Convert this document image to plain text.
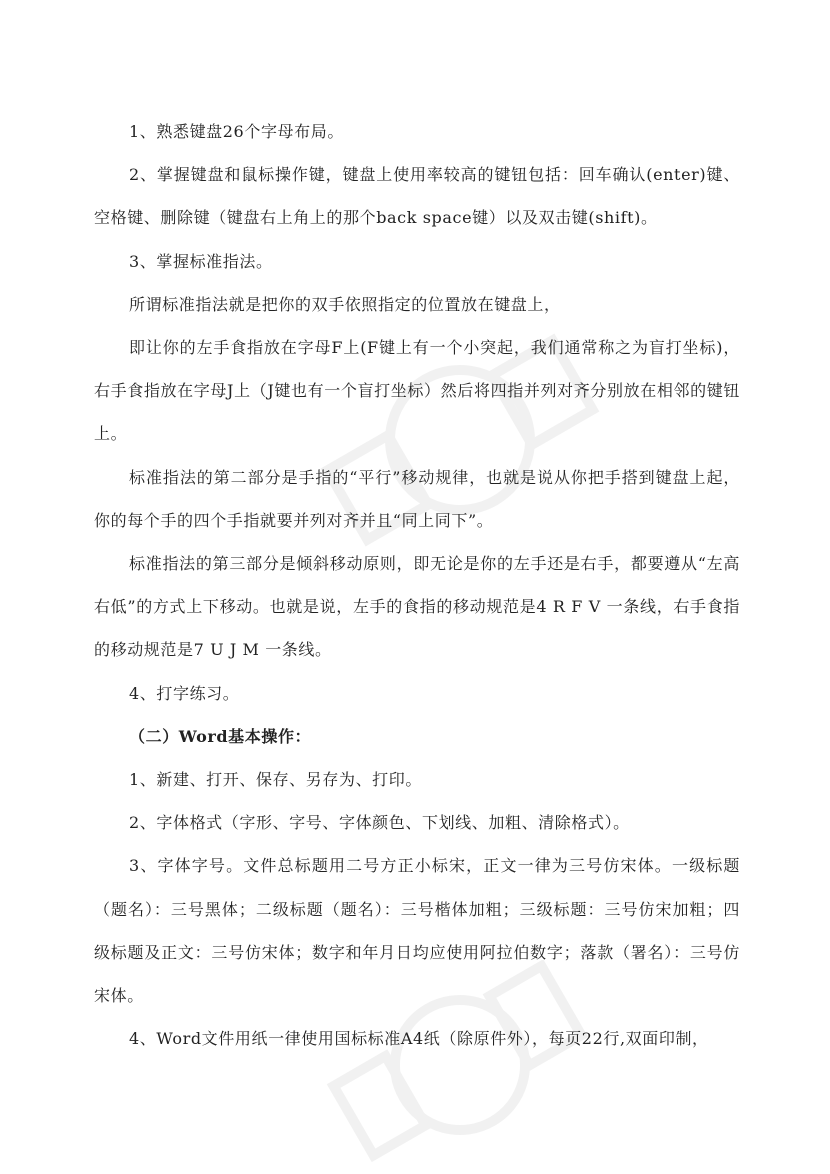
1、熟悉键盘26个字母布局。

2、掌握键盘和鼠标操作键，键盘上使用率较高的键钮包括：回车确认(enter)键、空格键、删除键（键盘右上角上的那个back space键）以及双击键(shift)。

3、掌握标准指法。

所谓标准指法就是把你的双手依照指定的位置放在键盘上，

即让你的左手食指放在字母F上(F键上有一个小突起，我们通常称之为盲打坐标)，右手食指放在字母J上（J键也有一个盲打坐标）然后将四指并列对齐分别放在相邻的键钮上。

标准指法的第二部分是手指的“平行”移动规律，也就是说从你把手搭到键盘上起，你的每个手的四个手指就要并列对齐并且“同上同下”。

标准指法的第三部分是倾斜移动原则，即无论是你的左手还是右手，都要遵从“左高右低”的方式上下移动。也就是说，左手的食指的移动规范是4 R F V 一条线，右手食指的移动规范是7 U J M 一条线。

4、打字练习。

（二）Word基本操作：

1、新建、打开、保存、另存为、打印。

2、字体格式（字形、字号、字体颜色、下划线、加粗、清除格式）。

3、字体字号。文件总标题用二号方正小标宋，正文一律为三号仿宋体。一级标题（题名）：三号黑体；二级标题（题名）：三号楷体加粗；三级标题：三号仿宋加粗；四级标题及正文：三号仿宋体；数字和年月日均应使用阿拉伯数字；落款（署名）：三号仿宋体。

4、Word文件用纸一律使用国标标准A4纸（除原件外），每页22行,双面印制，
